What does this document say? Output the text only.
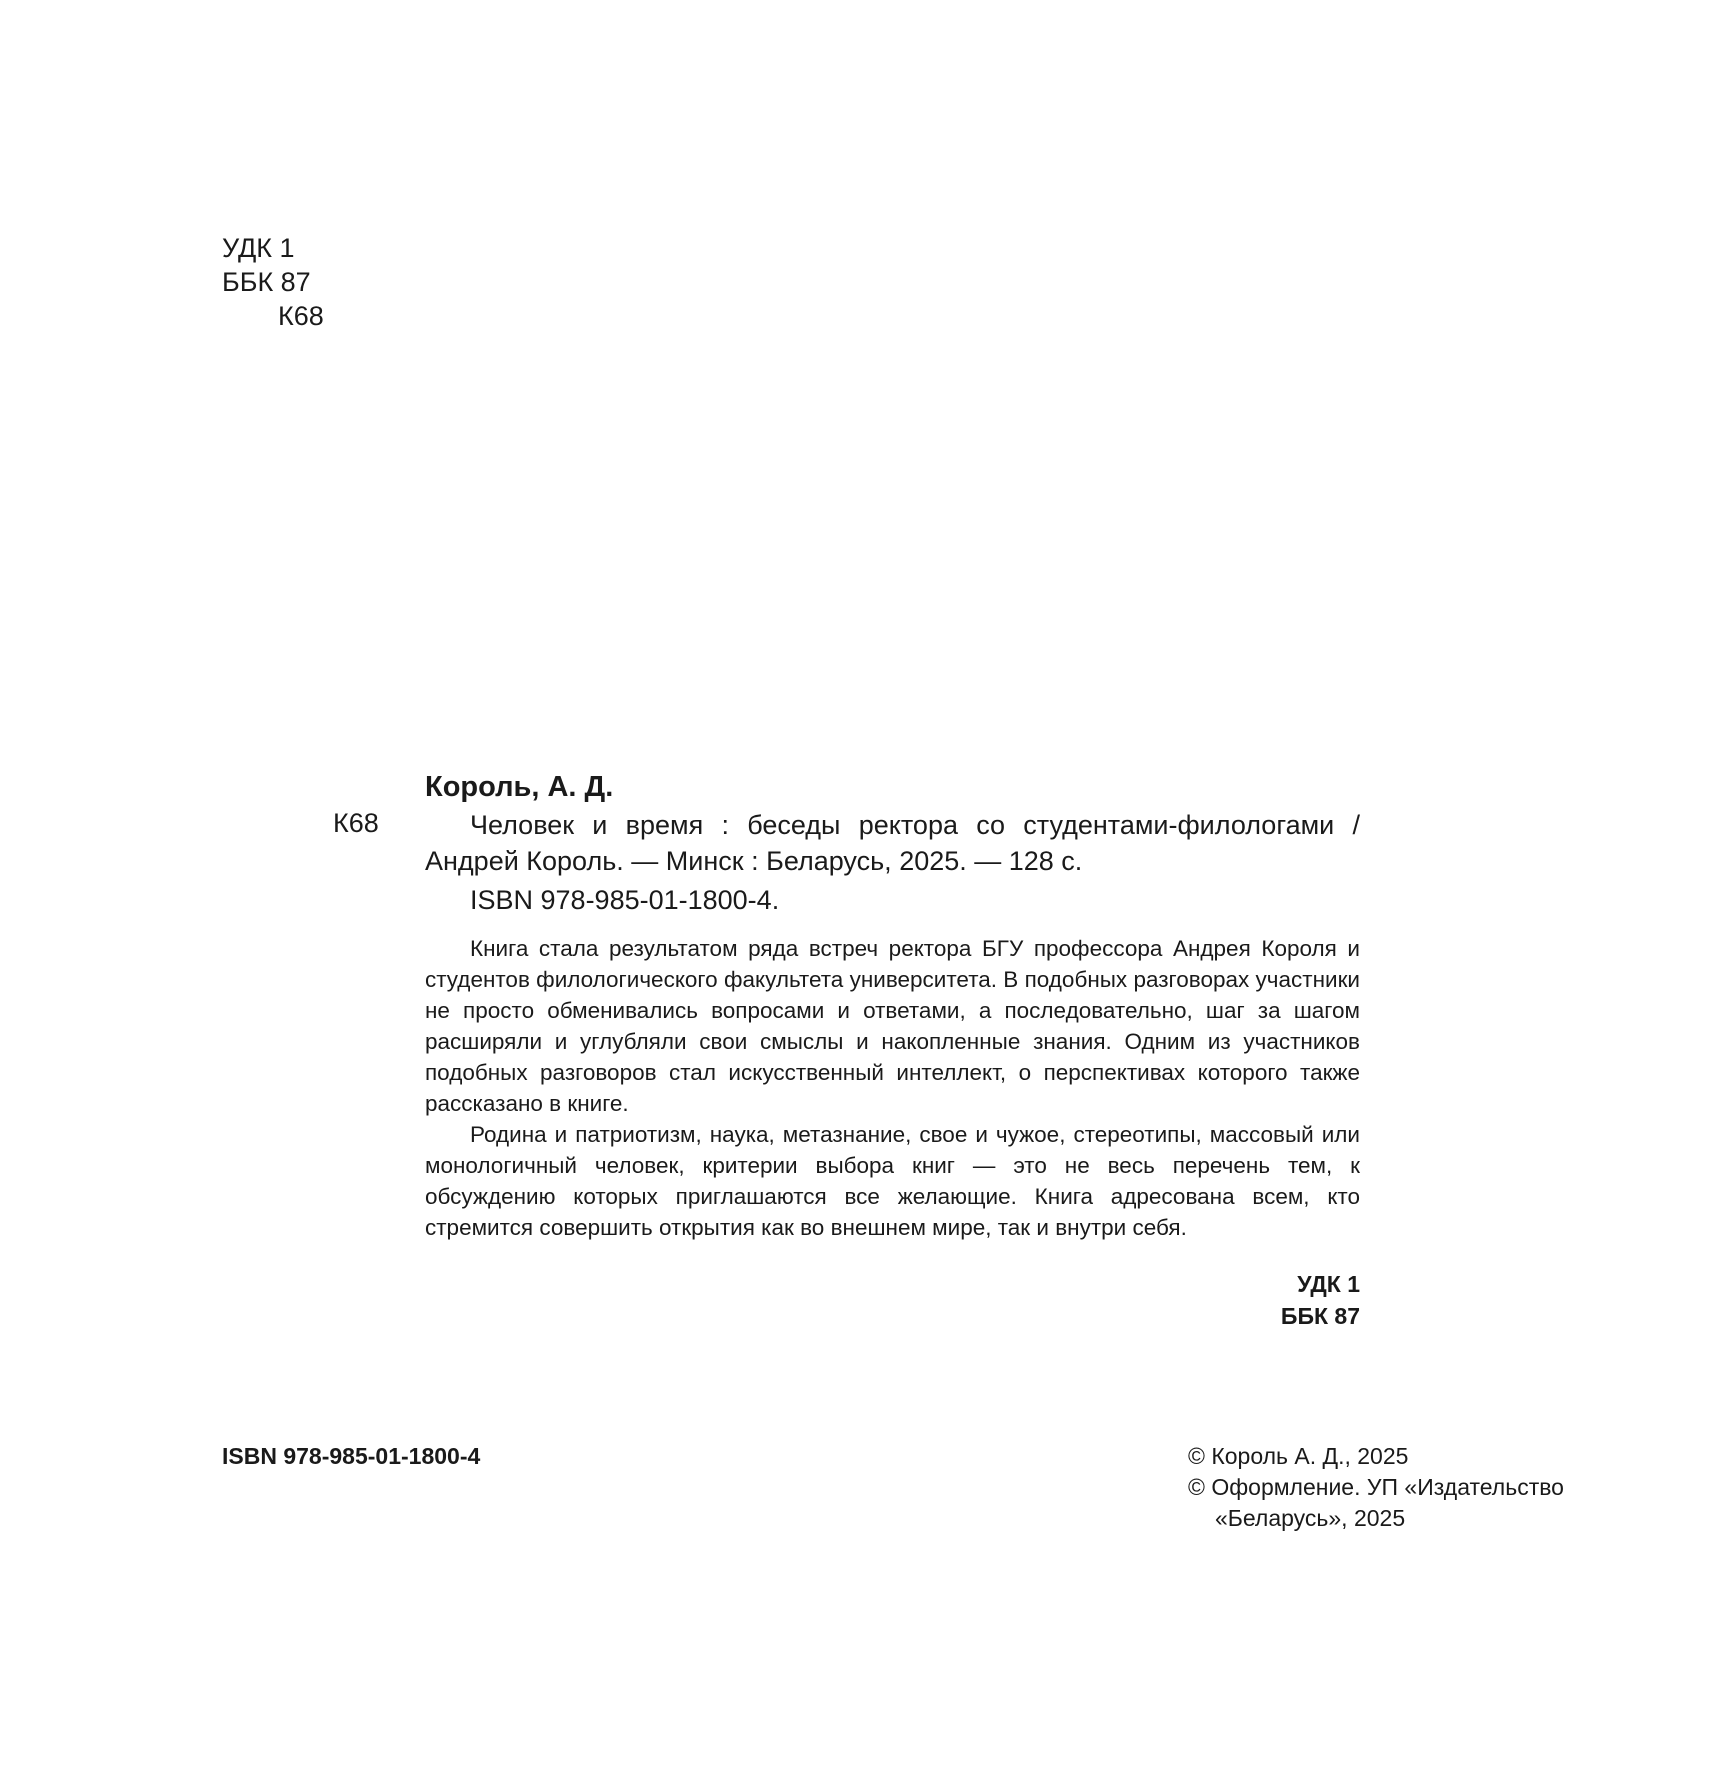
УДК 1
ББК 87
К68
Король, А. Д.
К68	Человек и время : беседы ректора со студентами-филологами /
Андрей Король. — Минск : Беларусь, 2025. — 128 с.
ISBN 978-985-01-1800-4.

Книга стала результатом ряда встреч ректора БГУ профессора Андрея Короля и студентов филологического факультета университета. В подобных разговорах участники не просто обменивались вопросами и ответами, а последовательно, шаг за шагом расширяли и углубляли свои смыслы и накопленные знания. Одним из участников подобных разговоров стал искусственный интеллект, о перспективах которого также рассказано в книге.

Родина и патриотизм, наука, метазнание, свое и чужое, стереотипы, массовый или монологичный человек, критерии выбора книг — это не весь перечень тем, к обсуждению которых приглашаются все желающие. Книга адресована всем, кто стремится совершить открытия как во внешнем мире, так и внутри себя.

УДК 1
ББК 87
ISBN 978-985-01-1800-4	© Король А. Д., 2025
© Оформление. УП «Издательство
«Беларусь», 2025
